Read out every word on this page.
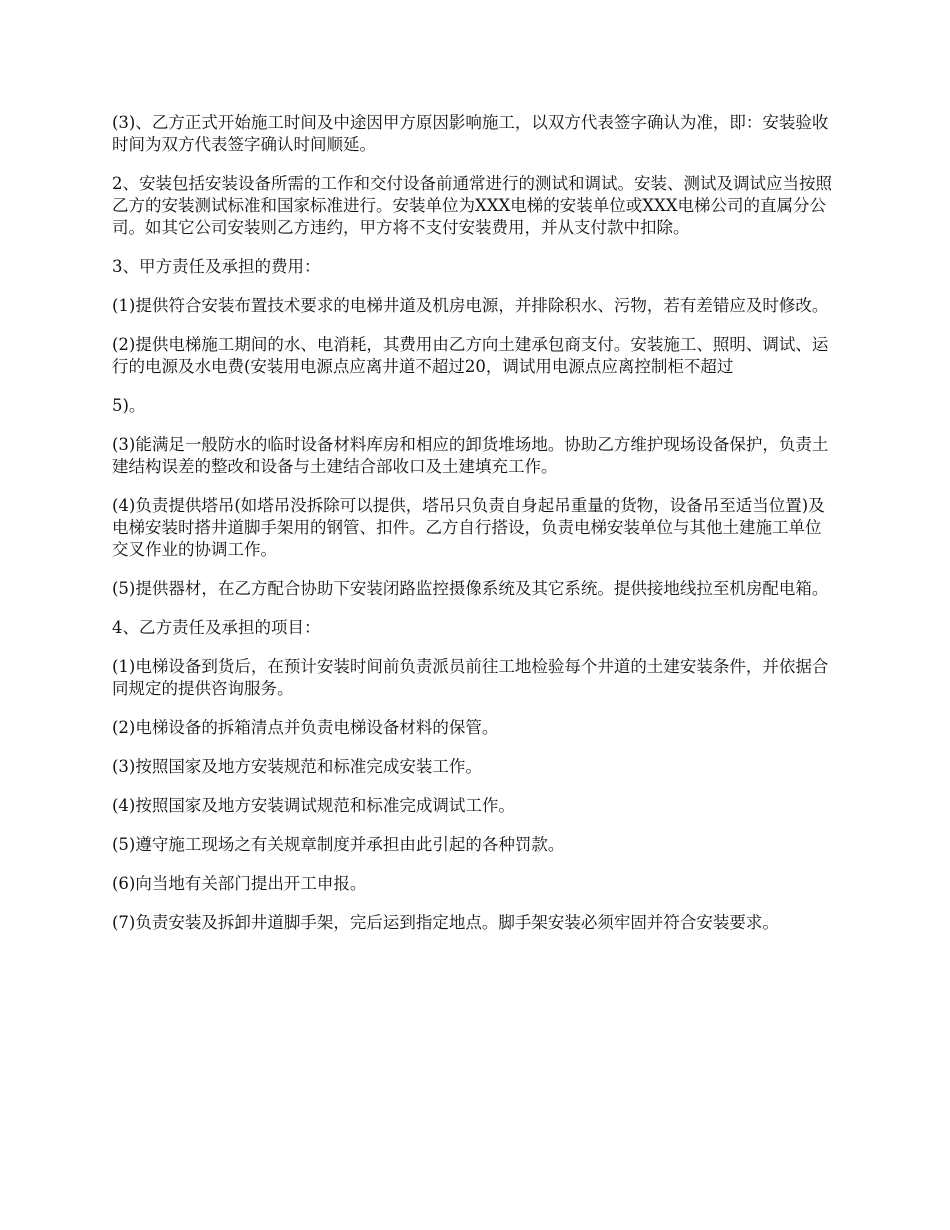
(3)、乙方正式开始施工时间及中途因甲方原因影响施工，以双方代表签字确认为准，即：安装验收时间为双方代表签字确认时间顺延。

2、安装包括安装设备所需的工作和交付设备前通常进行的测试和调试。安装、测试及调试应当按照乙方的安装测试标准和国家标准进行。安装单位为XXX电梯的安装单位或XXX电梯公司的直属分公司。如其它公司安装则乙方违约，甲方将不支付安装费用，并从支付款中扣除。

3、甲方责任及承担的费用：

(1)提供符合安装布置技术要求的电梯井道及机房电源，并排除积水、污物，若有差错应及时修改。

(2)提供电梯施工期间的水、电消耗，其费用由乙方向土建承包商支付。安装施工、照明、调试、运行的电源及水电费(安装用电源点应离井道不超过20，调试用电源点应离控制柜不超过

5)。

(3)能满足一般防水的临时设备材料库房和相应的卸货堆场地。协助乙方维护现场设备保护，负责土建结构误差的整改和设备与土建结合部收口及土建填充工作。

(4)负责提供塔吊(如塔吊没拆除可以提供，塔吊只负责自身起吊重量的货物，设备吊至适当位置)及电梯安装时搭井道脚手架用的钢管、扣件。乙方自行搭设，负责电梯安装单位与其他土建施工单位交叉作业的协调工作。

(5)提供器材，在乙方配合协助下安装闭路监控摄像系统及其它系统。提供接地线拉至机房配电箱。

4、乙方责任及承担的项目：

(1)电梯设备到货后，在预计安装时间前负责派员前往工地检验每个井道的土建安装条件，并依据合同规定的提供咨询服务。

(2)电梯设备的拆箱清点并负责电梯设备材料的保管。

(3)按照国家及地方安装规范和标准完成安装工作。

(4)按照国家及地方安装调试规范和标准完成调试工作。

(5)遵守施工现场之有关规章制度并承担由此引起的各种罚款。

(6)向当地有关部门提出开工申报。

(7)负责安装及拆卸井道脚手架，完后运到指定地点。脚手架安装必须牢固并符合安装要求。
